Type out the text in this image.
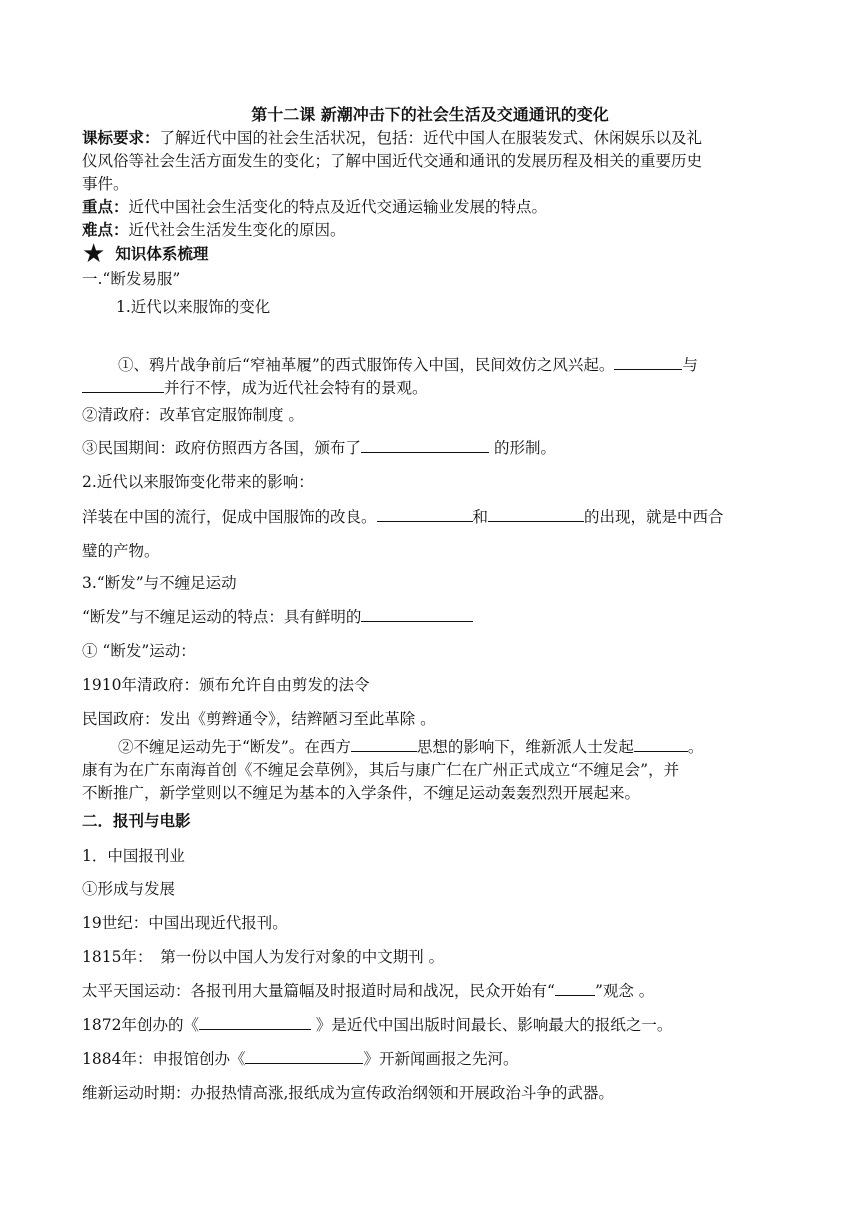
第十二课 新潮冲击下的社会生活及交通通讯的变化
课标要求：了解近代中国的社会生活状况，包括：近代中国人在服装发式、休闲娱乐以及礼
仪风俗等社会生活方面发生的变化；了解中国近代交通和通讯的发展历程及相关的重要历史
事件。
重点：近代中国社会生活变化的特点及近代交通运输业发展的特点。
难点：近代社会生活发生变化的原因。
★ 知识体系梳理
一.“断发易服”
1.近代以来服饰的变化
①、鸦片战争前后“窄袖革履”的西式服饰传入中国，民间效仿之风兴起。	与
并行不悖，成为近代社会特有的景观。
②清政府：改革官定服饰制度 。
③民国期间：政府仿照西方各国，颁布了	的形制。
2.近代以来服饰变化带来的影响：
洋装在中国的流行，促成中国服饰的改良。	和	的出现，就是中西合
璧的产物。
3.“断发”与不缠足运动
“断发”与不缠足运动的特点：具有鲜明的
① “断发”运动：
1910年清政府：颁布允许自由剪发的法令
民国政府：发出《剪辫通令》，结辫陋习至此革除 。
②不缠足运动先于“断发”。在西方	思想的影响下，维新派人士发起	。
康有为在广东南海首创《不缠足会草例》，其后与康广仁在广州正式成立“不缠足会”，并
不断推广，新学堂则以不缠足为基本的入学条件，不缠足运动轰轰烈烈开展起来。
二．报刊与电影
1．中国报刊业
①形成与发展
19世纪：中国出现近代报刊。
1815年：　第一份以中国人为发行对象的中文期刊 。
太平天国运动：各报刊用大量篇幅及时报道时局和战况，民众开始有“	”观念 。
1872年创办的《	》是近代中国出版时间最长、影响最大的报纸之一。
1884年：申报馆创办《	》开新闻画报之先河。
维新运动时期：办报热情高涨,报纸成为宣传政治纲领和开展政治斗争的武器。
